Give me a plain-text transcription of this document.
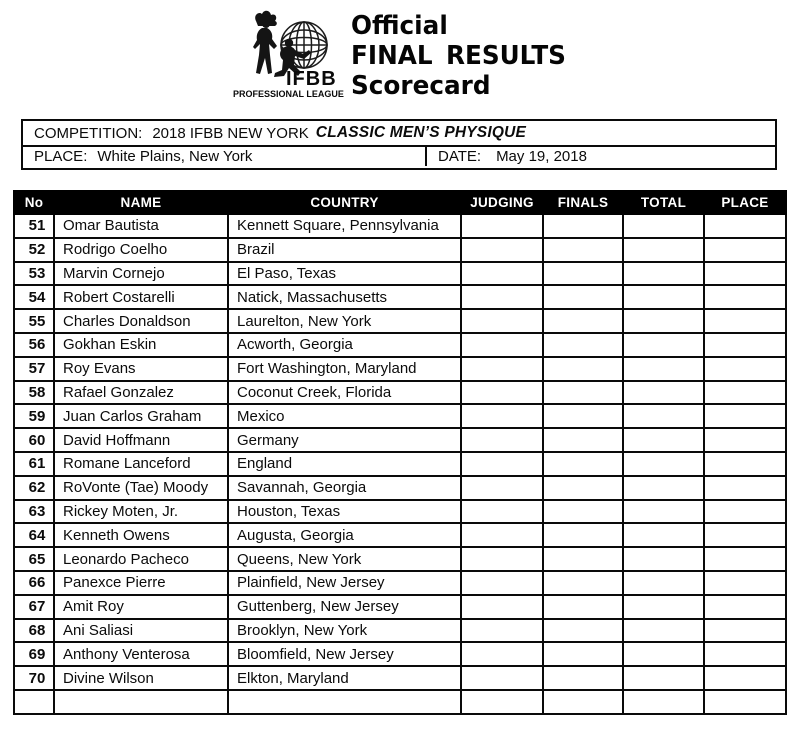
IFBB
PROFESSIONAL LEAGUE
Official
FINAL RESULTS
Scorecard
COMPETITION: 2018 IFBB NEW YORK CLASSIC MEN’S PHYSIQUE
PLACE: White Plains, New York	DATE: May 19, 2018
No	NAME	COUNTRY	JUDGING	FINALS	TOTAL	PLACE
51	Omar Bautista	Kennett Square, Pennsylvania				
52	Rodrigo Coelho	Brazil				
53	Marvin Cornejo	El Paso, Texas				
54	Robert Costarelli	Natick, Massachusetts				
55	Charles Donaldson	Laurelton, New York				
56	Gokhan Eskin	Acworth, Georgia				
57	Roy Evans	Fort Washington, Maryland				
58	Rafael Gonzalez	Coconut Creek, Florida				
59	Juan Carlos Graham	Mexico				
60	David Hoffmann	Germany				
61	Romane Lanceford	England				
62	RoVonte (Tae) Moody	Savannah, Georgia				
63	Rickey Moten, Jr.	Houston, Texas				
64	Kenneth Owens	Augusta, Georgia				
65	Leonardo Pacheco	Queens, New York				
66	Panexce Pierre	Plainfield, New Jersey				
67	Amit Roy	Guttenberg, New Jersey				
68	Ani Saliasi	Brooklyn, New York				
69	Anthony Venterosa	Bloomfield, New Jersey				
70	Divine Wilson	Elkton, Maryland				
